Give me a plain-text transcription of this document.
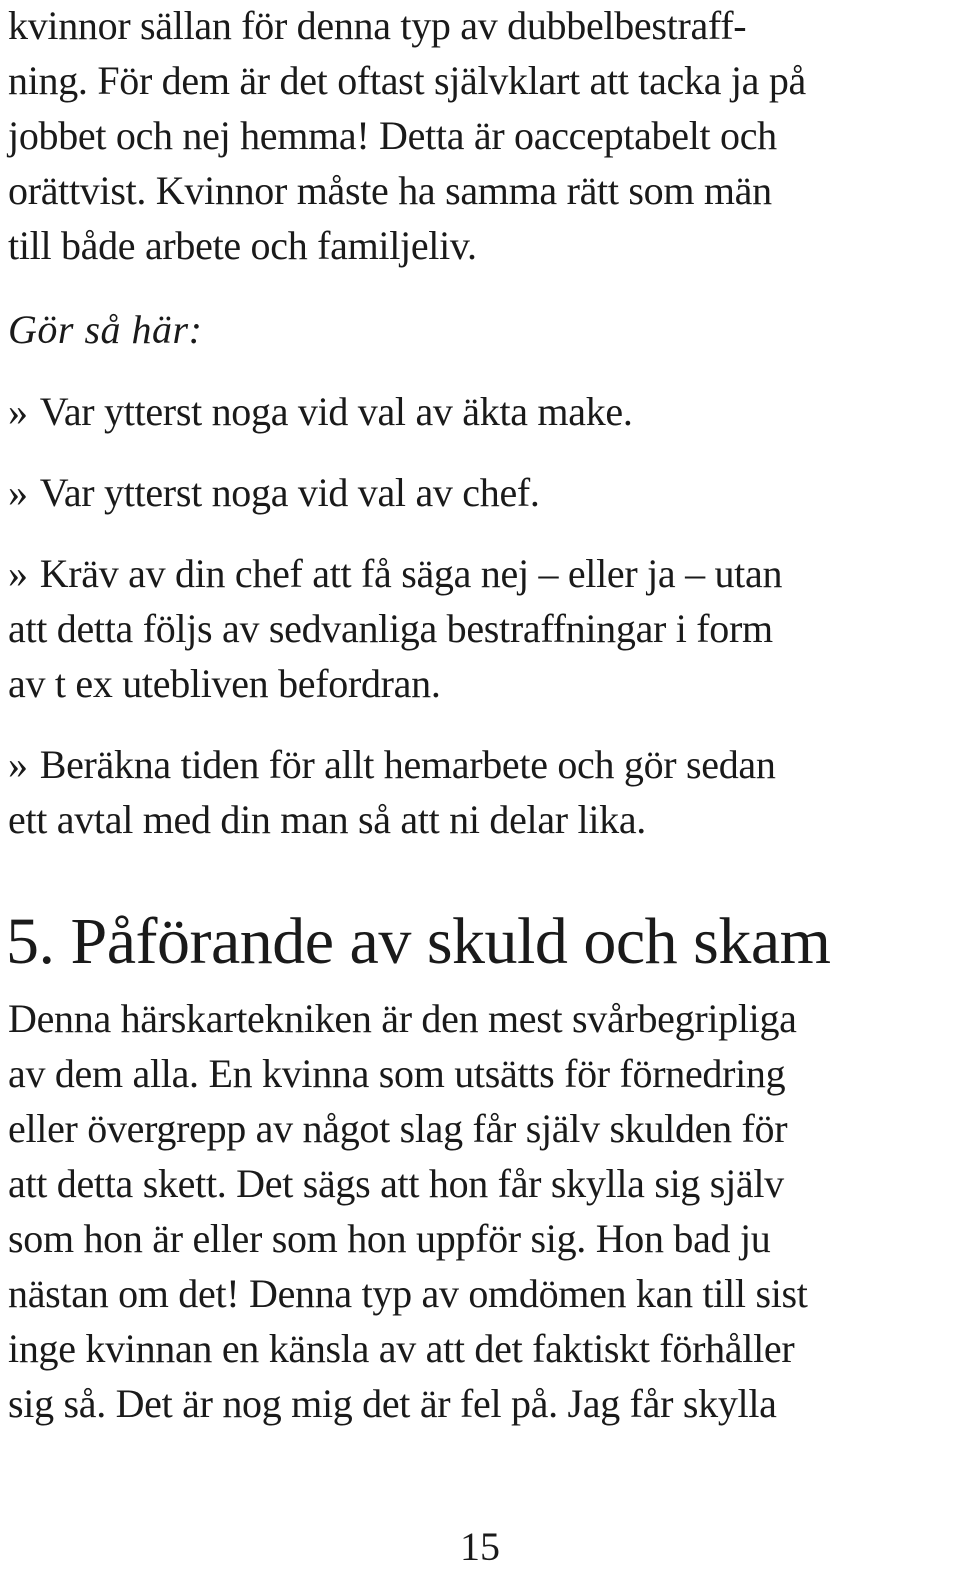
kvinnor sällan för denna typ av dubbelbestraff-
ning. För dem är det oftast självklart att tacka ja på
jobbet och nej hemma! Detta är oacceptabelt och
orättvist. Kvinnor måste ha samma rätt som män
till både arbete och familjeliv.
Gör så här:
» Var ytterst noga vid val av äkta make.
» Var ytterst noga vid val av chef.
» Kräv av din chef att få säga nej – eller ja – utan
att detta följs av sedvanliga bestraffningar i form
av t ex utebliven befordran.
» Beräkna tiden för allt hemarbete och gör sedan
ett avtal med din man så att ni delar lika.
5. Påförande av skuld och skam
Denna härskartekniken är den mest svårbegripliga
av dem alla. En kvinna som utsätts för förnedring
eller övergrepp av något slag får själv skulden för
att detta skett. Det sägs att hon får skylla sig själv
som hon är eller som hon uppför sig. Hon bad ju
nästan om det! Denna typ av omdömen kan till sist
inge kvinnan en känsla av att det faktiskt förhåller
sig så. Det är nog mig det är fel på. Jag får skylla
15
